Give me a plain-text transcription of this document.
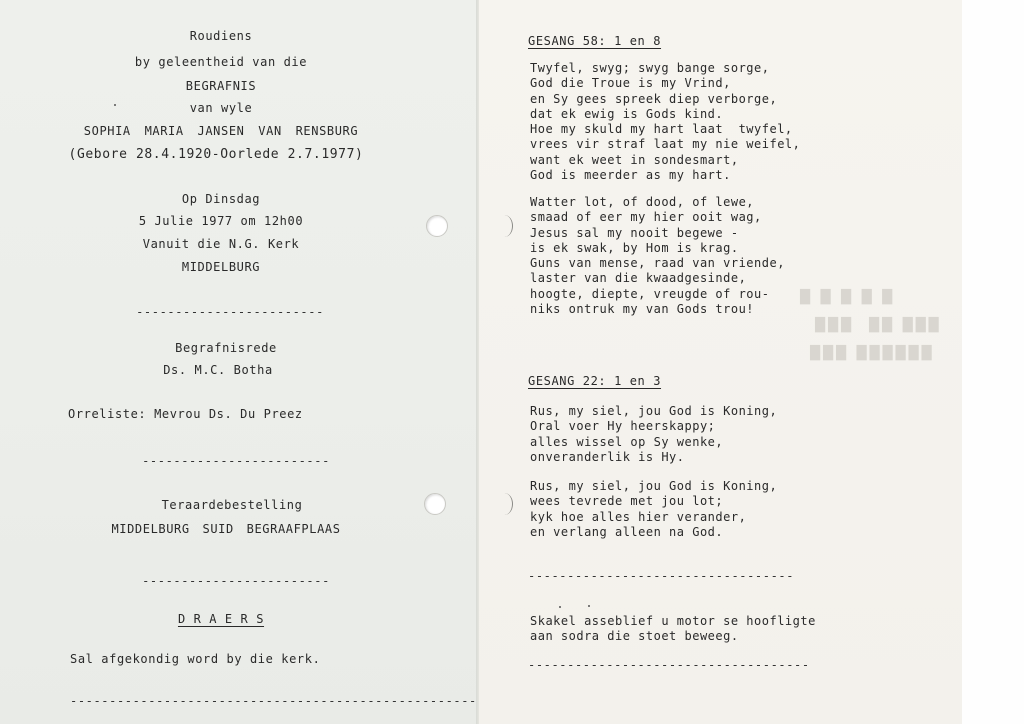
█ █ █ █ █
███  ██ ███
███ ██████
Roudiens
by geleentheid van die
BEGRAFNIS
van wyle
SOPHIA MARIA JANSEN VAN RENSBURG
(Gebore 28.4.1920-Oorlede 2.7.1977)
Op Dinsdag
5 Julie 1977 om 12h00
Vanuit die N.G. Kerk
MIDDELBURG
------------------------
Begrafnisrede
Ds. M.C. Botha
Orreliste: Mevrou Ds. Du Preez
------------------------
Teraardebestelling
MIDDELBURG SUID BEGRAAFPLAAS
------------------------
D R A E R S
Sal afgekondig word by die kerk.
----------------------------------------------------
GESANG 58: 1 en 8
Twyfel, swyg; swyg bange sorge,
God die Troue is my Vrind,
en Sy gees spreek diep verborge,
dat ek ewig is Gods kind.
Hoe my skuld my hart laat  twyfel,
vrees vir straf laat my nie weifel,
want ek weet in sondesmart,
God is meerder as my hart.
Watter lot, of dood, of lewe,
smaad of eer my hier ooit wag,
Jesus sal my nooit begewe -
is ek swak, by Hom is krag.
Guns van mense, raad van vriende,
laster van die kwaadgesinde,
hoogte, diepte, vreugde of rou-
niks ontruk my van Gods trou!
GESANG 22: 1 en 3
Rus, my siel, jou God is Koning,
Oral voer Hy heerskappy;
alles wissel op Sy wenke,
onveranderlik is Hy.
Rus, my siel, jou God is Koning,
wees tevrede met jou lot;
kyk hoe alles hier verander,
en verlang alleen na God.
----------------------------------
Skakel asseblief u motor se hoofligte
aan sodra die stoet beweeg.
------------------------------------
